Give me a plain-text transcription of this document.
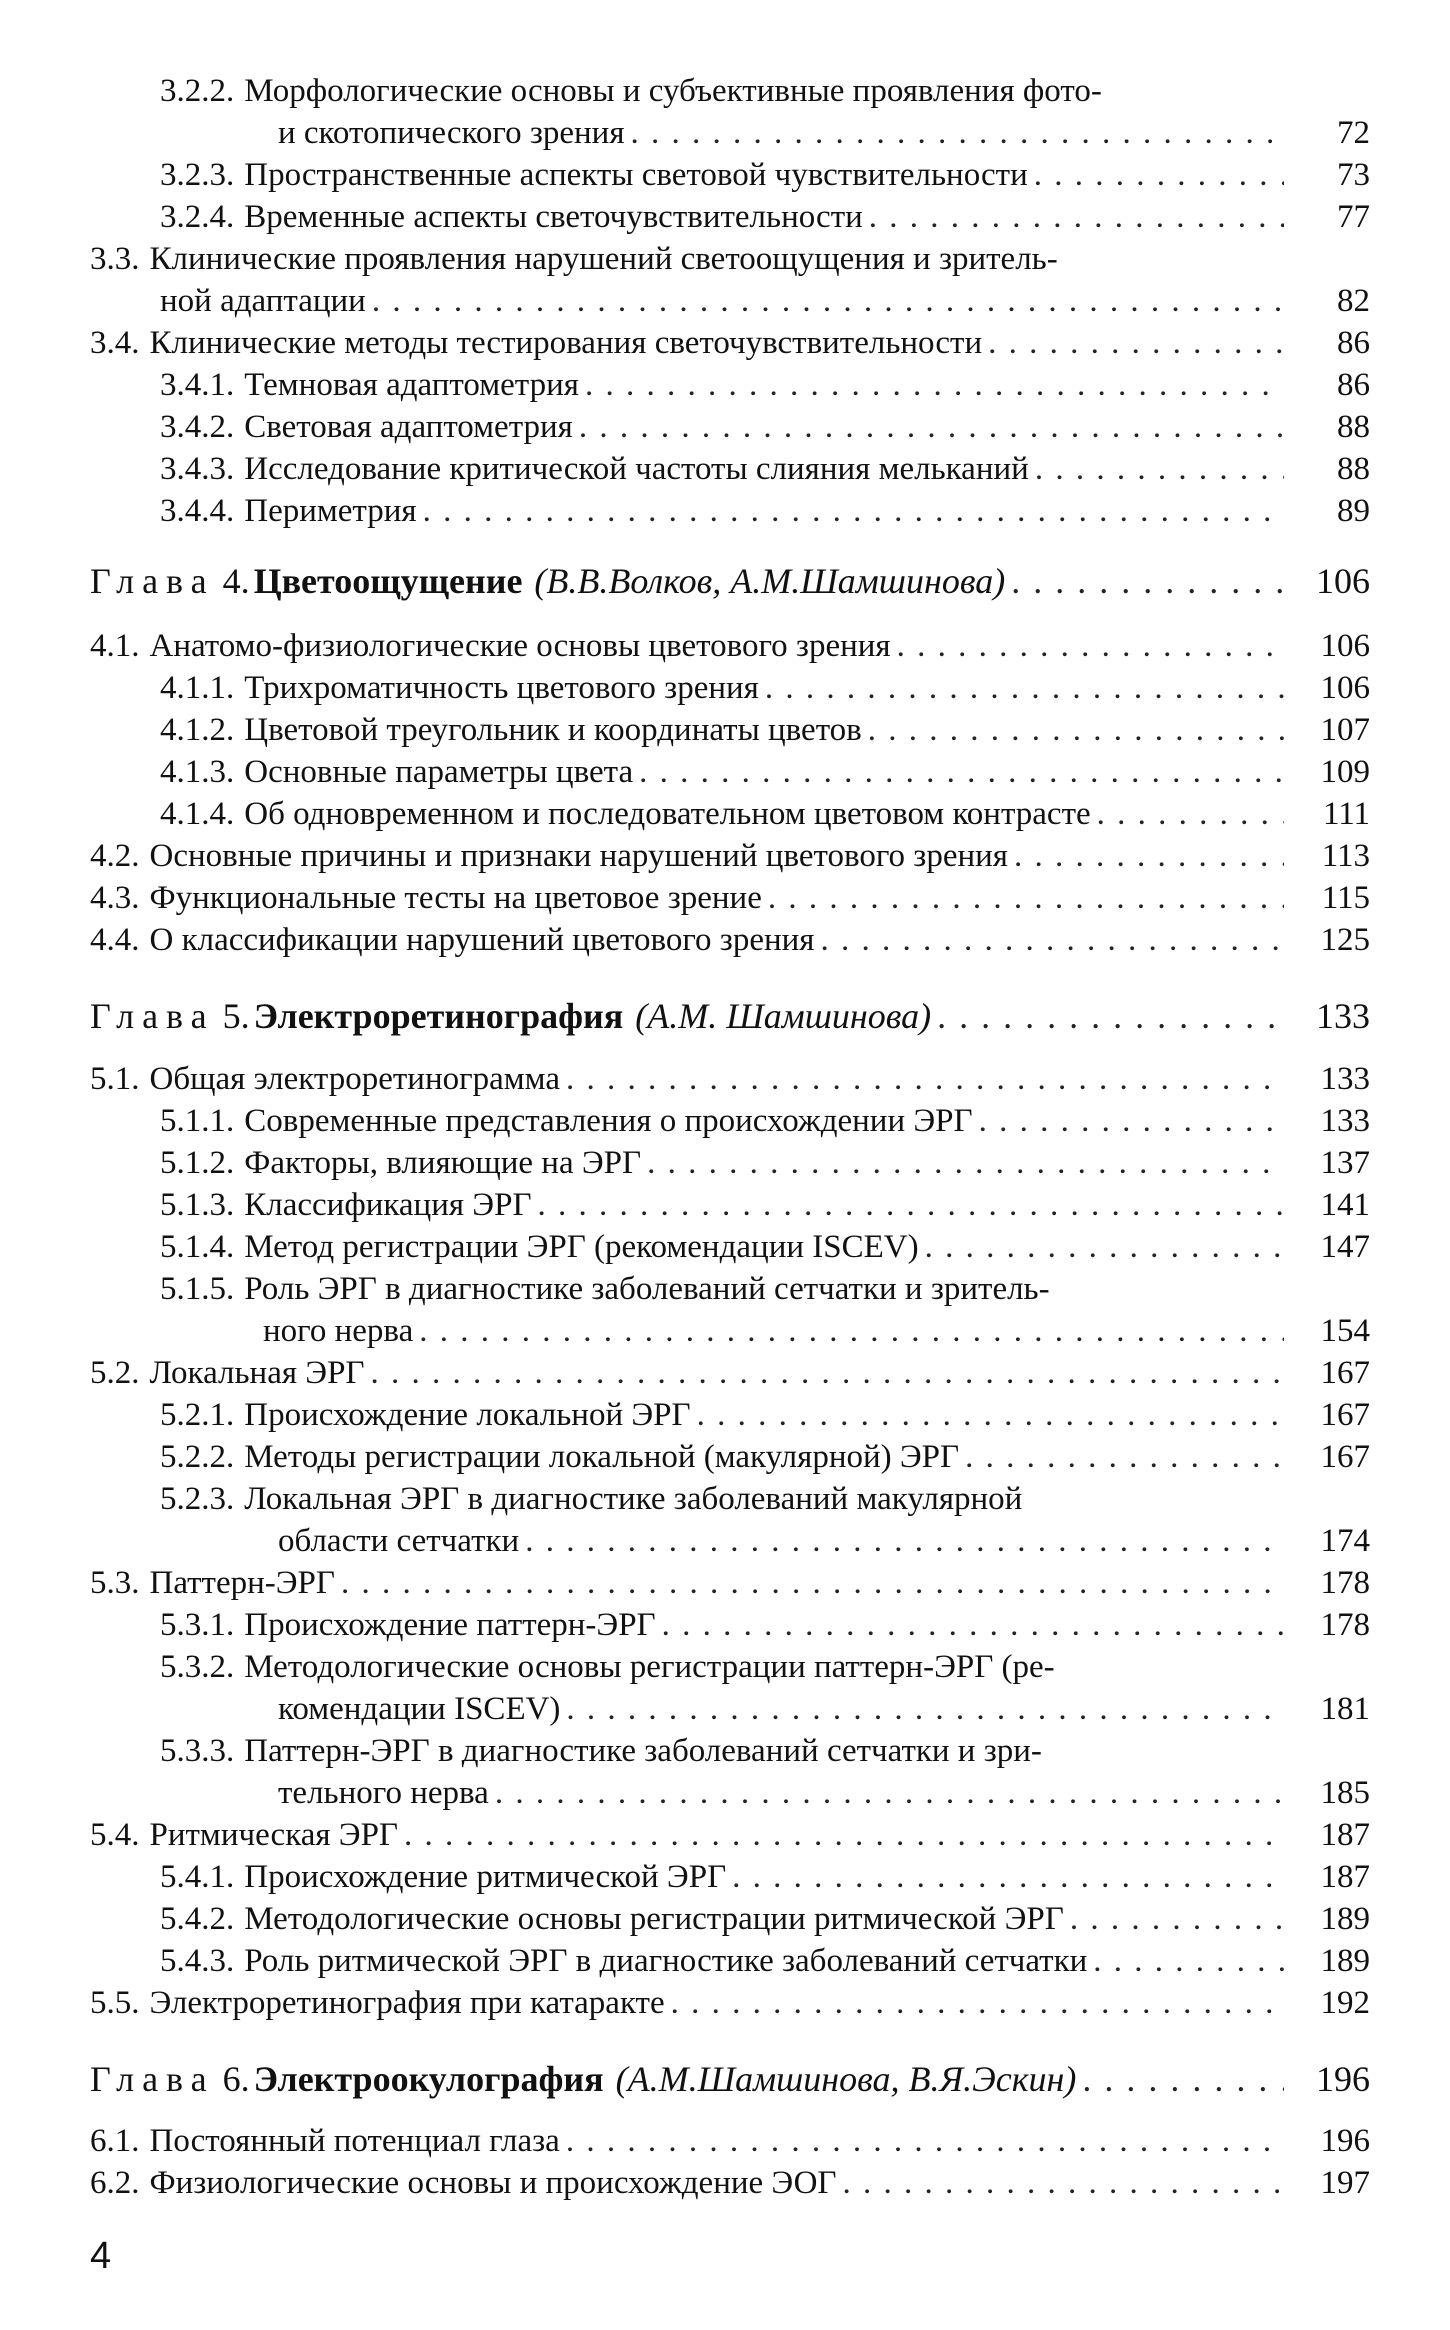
3.2.2. Морфологические основы и субъективные проявления фото-
и скотопического зрения . . .	72
3.2.3. Пространственные аспекты световой чувствительности . . .	73
3.2.4. Временные аспекты светочувствительности . . .	77
3.3. Клинические проявления нарушений светоощущения и зритель-
ной адаптации . . .	82
3.4. Клинические методы тестирования светочувствительности . . .	86
3.4.1. Темновая адаптометрия . . .	86
3.4.2. Световая адаптометрия . . .	88
3.4.3. Исследование критической частоты слияния мельканий . . .	88
3.4.4. Периметрия . . .	89
Глава 4. Цветоощущение (В.В.Волков, А.М.Шамшинова) . . .	106
4.1. Анатомо-физиологические основы цветового зрения . . .	106
4.1.1. Трихроматичность цветового зрения . . .	106
4.1.2. Цветовой треугольник и координаты цветов . . .	107
4.1.3. Основные параметры цвета . . .	109
4.1.4. Об одновременном и последовательном цветовом контрасте . . .	111
4.2. Основные причины и признаки нарушений цветового зрения . . .	113
4.3. Функциональные тесты на цветовое зрение . . .	115
4.4. О классификации нарушений цветового зрения . . .	125
Глава 5. Электроретинография (А.М. Шамшинова) . . .	133
5.1. Общая электроретинограмма . . .	133
5.1.1. Современные представления о происхождении ЭРГ . . .	133
5.1.2. Факторы, влияющие на ЭРГ . . .	137
5.1.3. Классификация ЭРГ . . .	141
5.1.4. Метод регистрации ЭРГ (рекомендации ISCEV) . . .	147
5.1.5. Роль ЭРГ в диагностике заболеваний сетчатки и зритель-
ного нерва . . .	154
5.2. Локальная ЭРГ . . .	167
5.2.1. Происхождение локальной ЭРГ . . .	167
5.2.2. Методы регистрации локальной (макулярной) ЭРГ . . .	167
5.2.3. Локальная ЭРГ в диагностике заболеваний макулярной
области сетчатки . . .	174
5.3. Паттерн-ЭРГ . . .	178
5.3.1. Происхождение паттерн-ЭРГ . . .	178
5.3.2. Методологические основы регистрации паттерн-ЭРГ (ре-
комендации ISCEV) . . .	181
5.3.3. Паттерн-ЭРГ в диагностике заболеваний сетчатки и зри-
тельного нерва . . .	185
5.4. Ритмическая ЭРГ . . .	187
5.4.1. Происхождение ритмической ЭРГ . . .	187
5.4.2. Методологические основы регистрации ритмической ЭРГ . . .	189
5.4.3. Роль ритмической ЭРГ в диагностике заболеваний сетчатки . . .	189
5.5. Электроретинография при катаракте . . .	192
Глава 6. Электроокулография (А.М.Шамшинова, В.Я.Эскин) . . .	196
6.1. Постоянный потенциал глаза . . .	196
6.2. Физиологические основы и происхождение ЭОГ . . .	197
4
